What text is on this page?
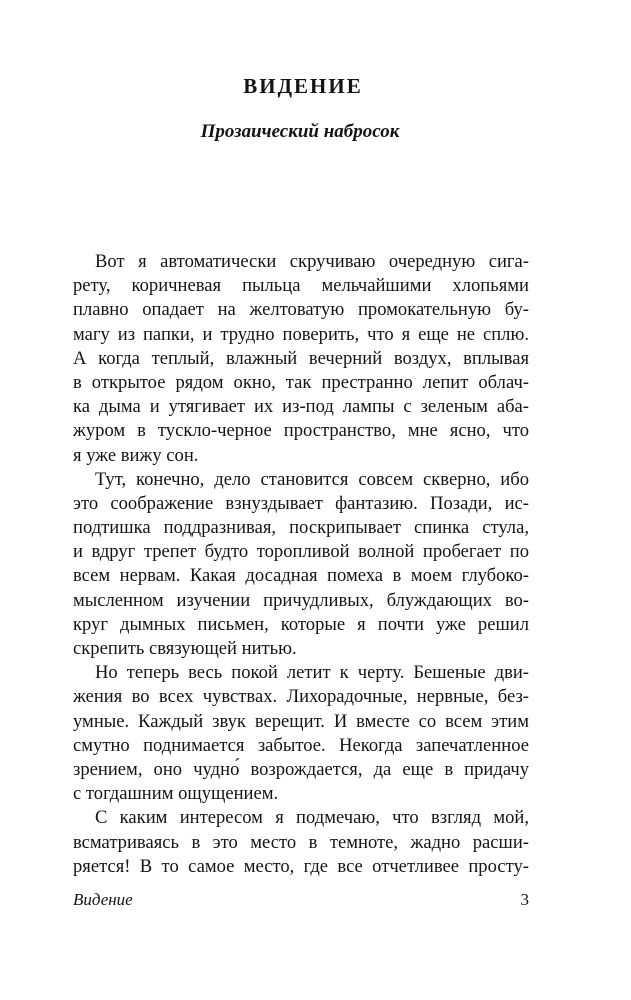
ВИДЕНИЕ
Прозаический набросок
Вот я автоматически скручиваю очередную сига-
рету, коричневая пыльца мельчайшими хлопьями
плавно опадает на желтоватую промокательную бу-
магу из папки, и трудно поверить, что я еще не сплю.
А когда теплый, влажный вечерний воздух, вплывая
в открытое рядом окно, так престранно лепит облач-
ка дыма и утягивает их из-под лампы с зеленым аба-
журом в тускло-черное пространство, мне ясно, что
я уже вижу сон.
Тут, конечно, дело становится совсем скверно, ибо
это соображение взнуздывает фантазию. Позади, ис-
подтишка поддразнивая, поскрипывает спинка стула,
и вдруг трепет будто торопливой волной пробегает по
всем нервам. Какая досадная помеха в моем глубоко-
мысленном изучении причудливых, блуждающих во-
круг дымных письмен, которые я почти уже решил
скрепить связующей нитью.
Но теперь весь покой летит к черту. Бешеные дви-
жения во всех чувствах. Лихорадочные, нервные, без-
умные. Каждый звук верещит. И вместе со всем этим
смутно поднимается забытое. Некогда запечатленное
зрением, оно чудно́ возрождается, да еще в придачу
с тогдашним ощущением.
С каким интересом я подмечаю, что взгляд мой,
всматриваясь в это место в темноте, жадно расши-
ряется! В то самое место, где все отчетливее просту-
Видение	3
